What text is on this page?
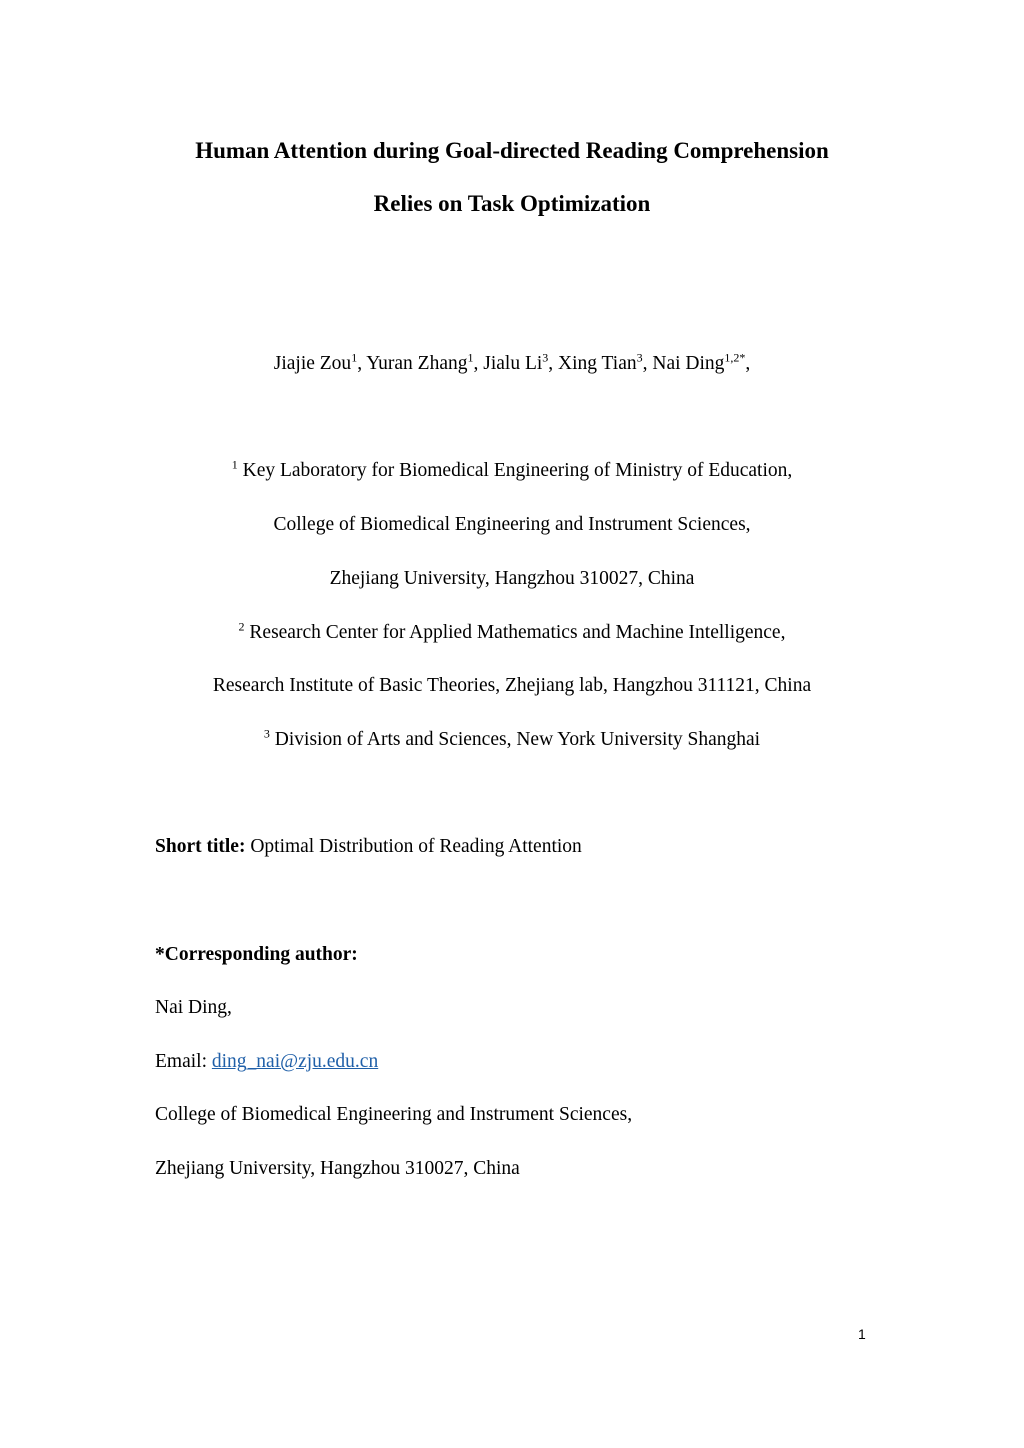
Human Attention during Goal-directed Reading Comprehension
Relies on Task Optimization
Jiajie Zou$^1$, Yuran Zhang$^1$, Jialu Li$^3$, Xing Tian$^3$, Nai Ding$^{1,2*}$,
$^1$ Key Laboratory for Biomedical Engineering of Ministry of Education,
College of Biomedical Engineering and Instrument Sciences,
Zhejiang University, Hangzhou 310027, China
$^2$ Research Center for Applied Mathematics and Machine Intelligence,
Research Institute of Basic Theories, Zhejiang lab, Hangzhou 311121, China
$^3$ Division of Arts and Sciences, New York University Shanghai
Short title: Optimal Distribution of Reading Attention
*Corresponding author:
Nai Ding,
Email: ding_nai@zju.edu.cn
College of Biomedical Engineering and Instrument Sciences,
Zhejiang University, Hangzhou 310027, China
1
